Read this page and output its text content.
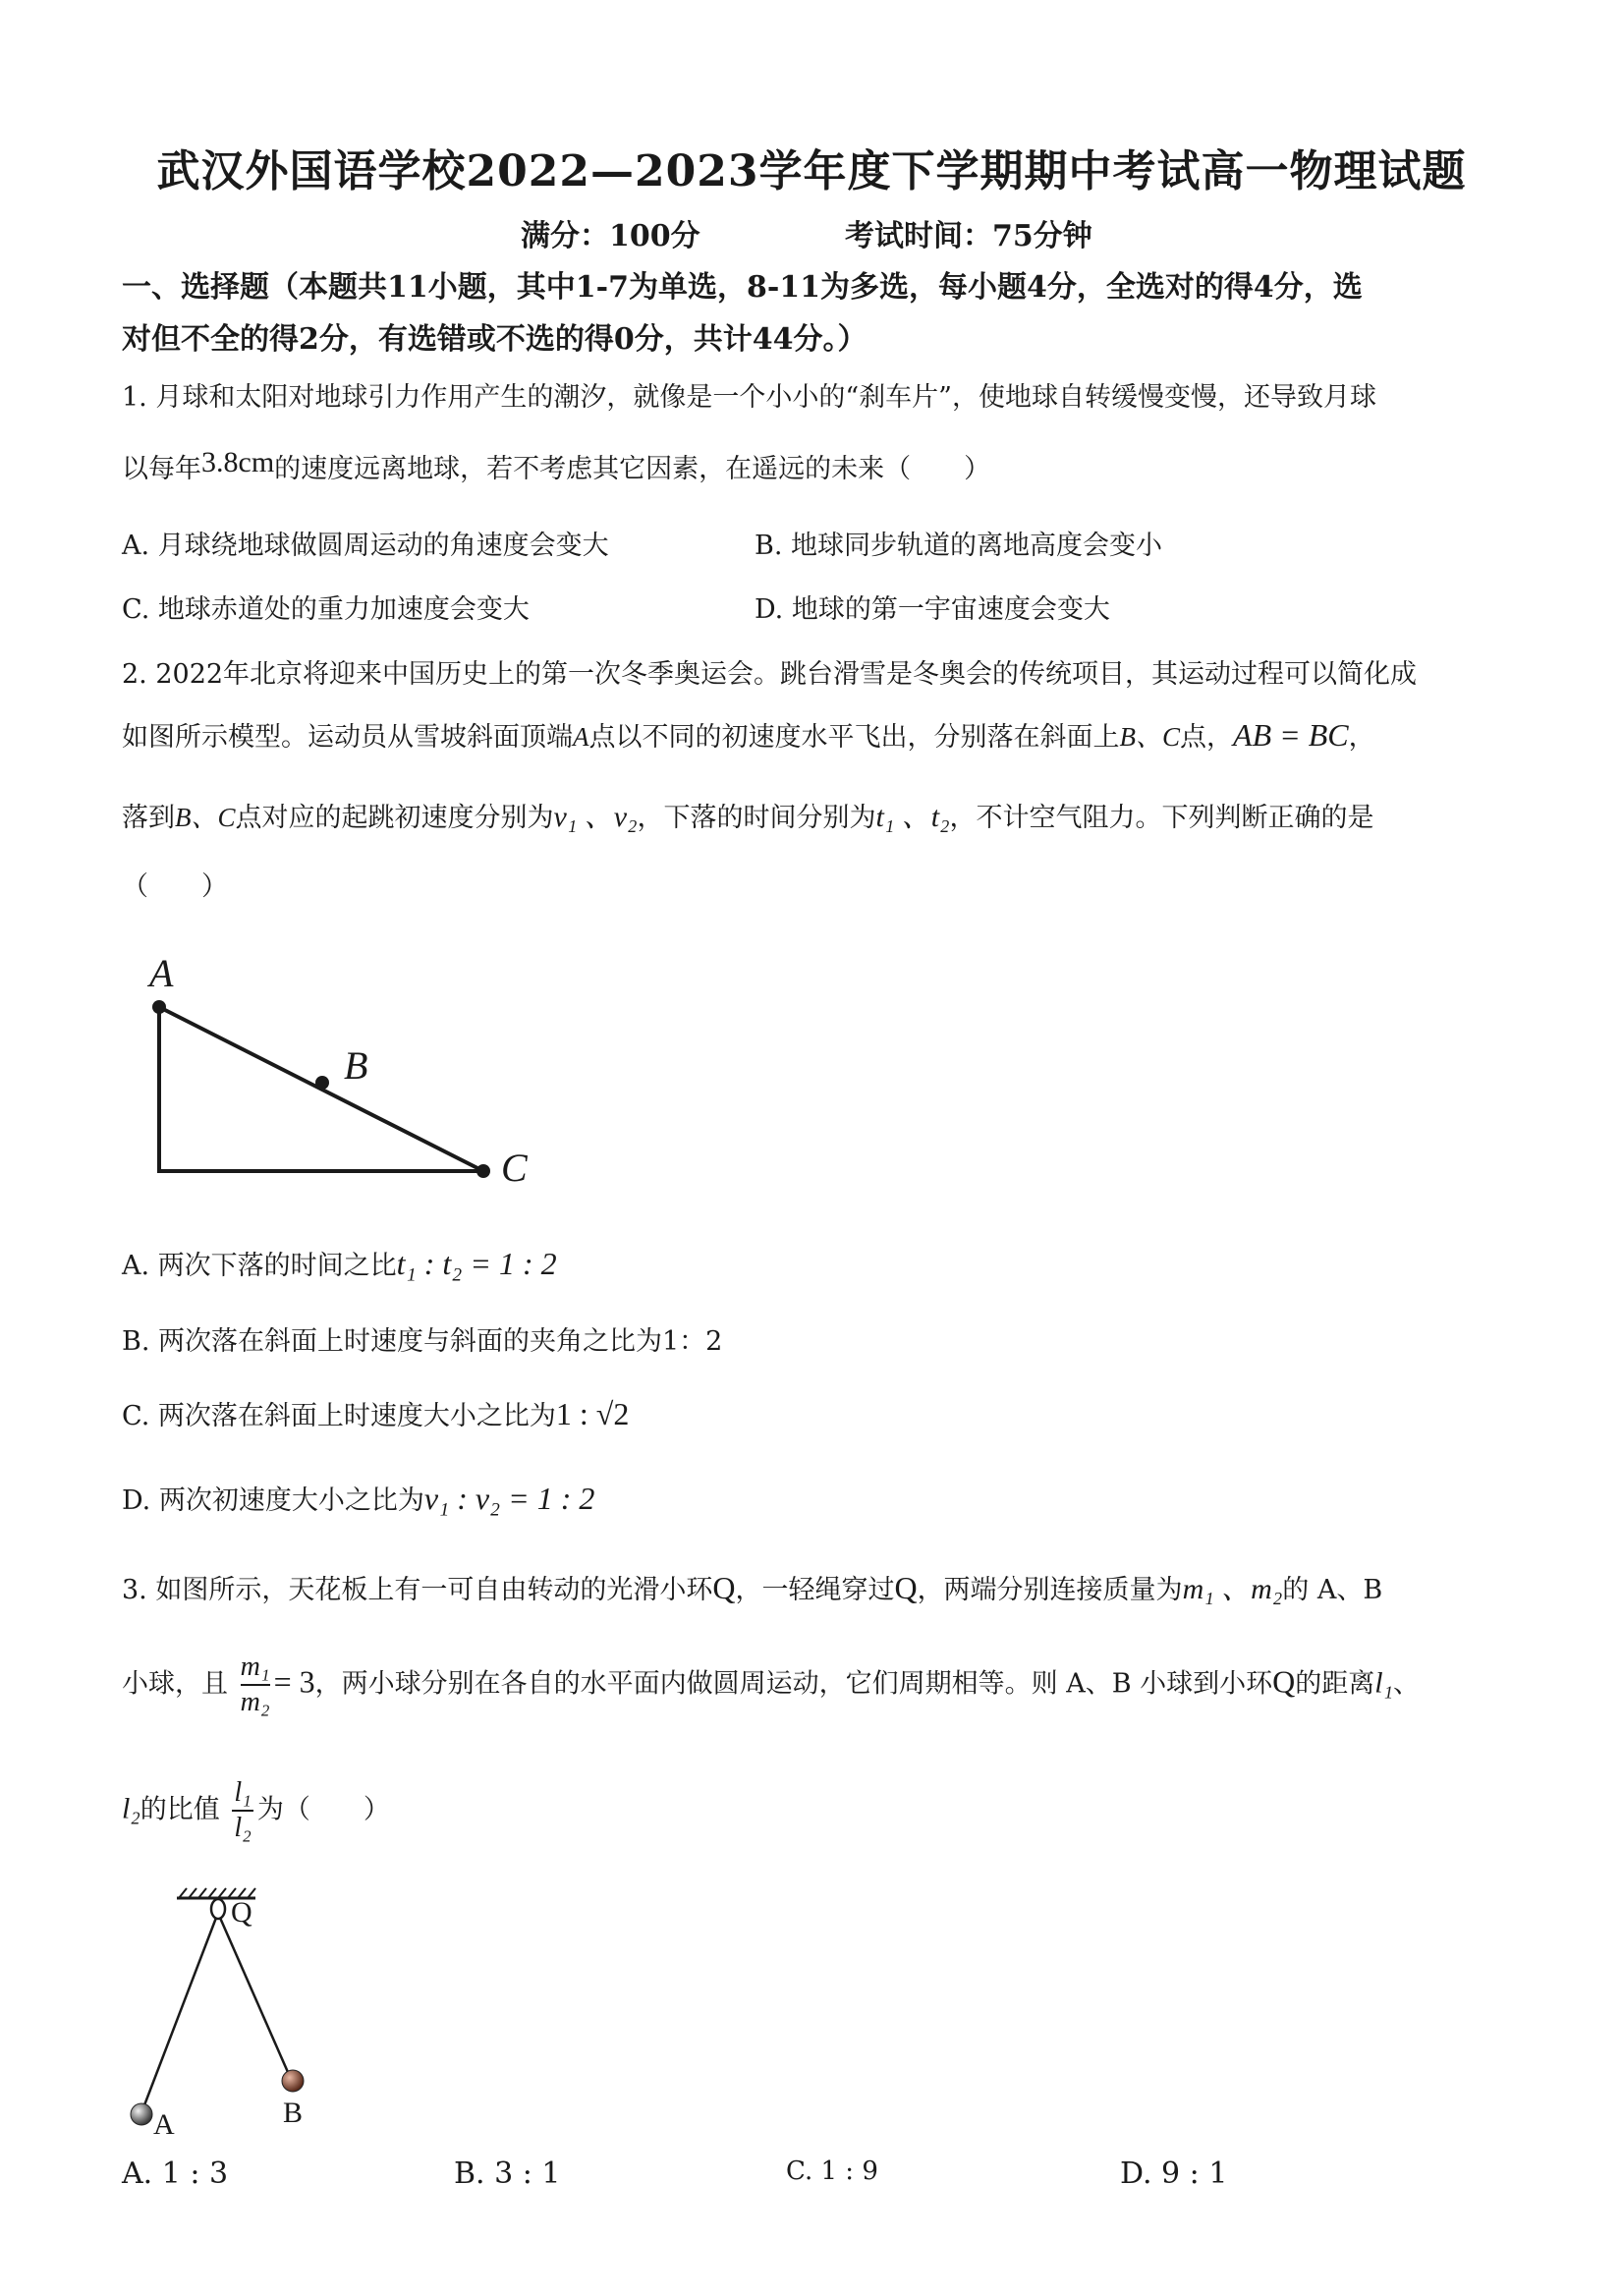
武汉外国语学校2022—2023学年度下学期期中考试高一物理试题
满分：100分	考试时间：75分钟
一、选择题（本题共11小题，其中1-7为单选，8-11为多选，每小题4分，全选对的得4分，选
对但不全的得2分，有选错或不选的得0分，共计44分。）
1. 月球和太阳对地球引力作用产生的潮汐，就像是一个小小的“刹车片”，使地球自转缓慢变慢，还导致月球
以每年3.8cm的速度远离地球，若不考虑其它因素，在遥远的未来（　　）
A. 月球绕地球做圆周运动的角速度会变大	B. 地球同步轨道的离地高度会变小
C. 地球赤道处的重力加速度会变大	D. 地球的第一宇宙速度会变大
2. 2022年北京将迎来中国历史上的第一次冬季奥运会。跳台滑雪是冬奥会的传统项目，其运动过程可以简化成
如图所示模型。运动员从雪坡斜面顶端A点以不同的初速度水平飞出，分别落在斜面上B、C点，AB = BC，
落到B、C点对应的起跳初速度分别为v₁ 、v₂，下落的时间分别为t₁ 、t₂，不计空气阻力。下列判断正确的是
（　　）
A
B
C
A. 两次下落的时间之比t₁ : t₂ = 1 : 2
B. 两次落在斜面上时速度与斜面的夹角之比为1：2
C. 两次落在斜面上时速度大小之比为1 : √2
D. 两次初速度大小之比为v₁ : v₂ = 1 : 2
3. 如图所示，天花板上有一可自由转动的光滑小环Q，一轻绳穿过Q，两端分别连接质量为m₁ 、m₂的 A、B
小球，且 $\frac{\text{m₁}}{\text{m₂}} = 3$，两小球分别在各自的水平面内做圆周运动，它们周期相等。则 A、B 小球到小环Q的距离l₁、
l₂的比值 $\frac{\text{l₁}}{\text{l₂}}$ 为（　　）
Q
A	B
A. 1 : 3	B. 3 : 1	C. 1 : 9	D. 9 : 1
